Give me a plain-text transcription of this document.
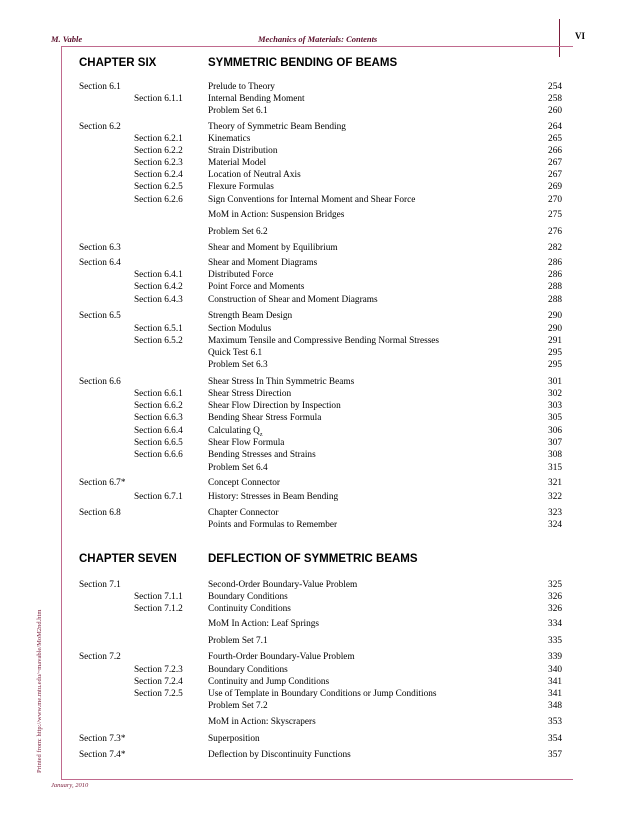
M. Vable	Mechanics of Materials: Contents	VI
CHAPTER SIX	SYMMETRIC BENDING OF BEAMS
Section 6.1	Prelude to Theory	254
Section 6.1.1	Internal Bending Moment	258
Problem Set 6.1	260
Section 6.2	Theory of Symmetric Beam Bending	264
Section 6.2.1	Kinematics	265
Section 6.2.2	Strain Distribution	266
Section 6.2.3	Material Model	267
Section 6.2.4	Location of Neutral Axis	267
Section 6.2.5	Flexure Formulas	269
Section 6.2.6	Sign Conventions for Internal Moment and Shear Force	270
MoM in Action: Suspension Bridges	275
Problem Set 6.2	276
Section 6.3	Shear and Moment by Equilibrium	282
Section 6.4	Shear and Moment Diagrams	286
Section 6.4.1	Distributed Force	286
Section 6.4.2	Point Force and Moments	288
Section 6.4.3	Construction of Shear and Moment Diagrams	288
Section 6.5	Strength Beam Design	290
Section 6.5.1	Section Modulus	290
Section 6.5.2	Maximum Tensile and Compressive Bending Normal Stresses	291
Quick Test 6.1	295
Problem Set 6.3	295
Section 6.6	Shear Stress In Thin Symmetric Beams	301
Section 6.6.1	Shear Stress Direction	302
Section 6.6.2	Shear Flow Direction by Inspection	303
Section 6.6.3	Bending Shear Stress Formula	305
Section 6.6.4	Calculating $Q_z$	306
Section 6.6.5	Shear Flow Formula	307
Section 6.6.6	Bending Stresses and Strains	308
Problem Set 6.4	315
Section 6.7*	Concept Connector	321
Section 6.7.1	History: Stresses in Beam Bending	322
Section 6.8	Chapter Connector	323
Points and Formulas to Remember	324
CHAPTER SEVEN	DEFLECTION OF SYMMETRIC BEAMS
Section 7.1	Second-Order Boundary-Value Problem	325
Section 7.1.1	Boundary Conditions	326
Section 7.1.2	Continuity Conditions	326
MoM In Action: Leaf Springs	334
Problem Set 7.1	335
Section 7.2	Fourth-Order Boundary-Value Problem	339
Section 7.2.3	Boundary Conditions	340
Section 7.2.4	Continuity and Jump Conditions	341
Section 7.2.5	Use of Template in Boundary Conditions or Jump Conditions	341
Problem Set 7.2	348
MoM in Action: Skyscrapers	353
Section 7.3*	Superposition	354
Section 7.4*	Deflection by Discontinuity Functions	357
Printed from: http://www.me.mtu.edu/~mavable/MoM2nd.htm
January, 2010
